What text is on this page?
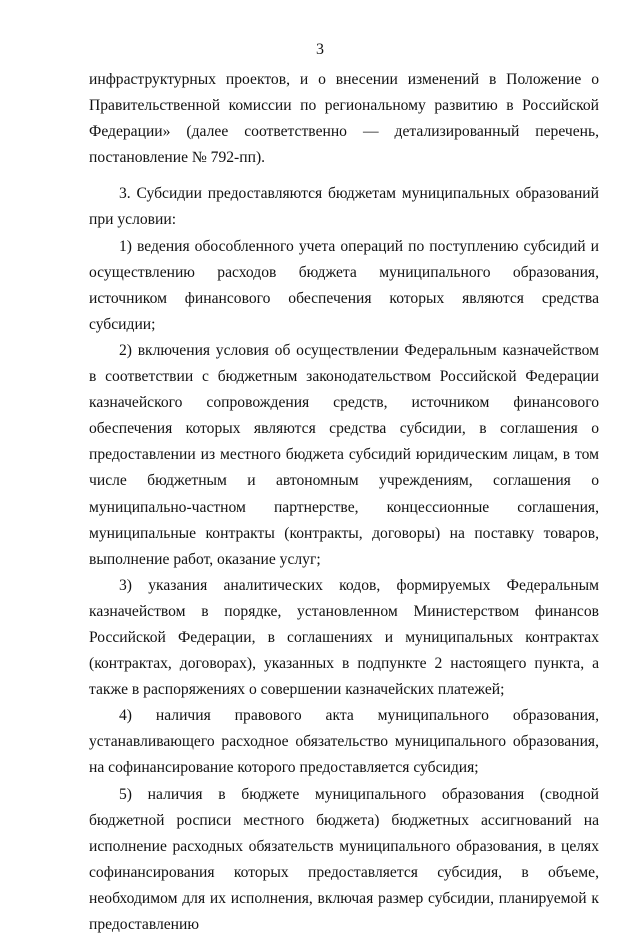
3

инфраструктурных проектов, и о внесении изменений в Положение о Правительственной комиссии по региональному развитию в Российской Федерации» (далее соответственно — детализированный перечень, постановление № 792-пп).

3. Субсидии предоставляются бюджетам муниципальных образований при условии:

1) ведения обособленного учета операций по поступлению субсидий и осуществлению расходов бюджета муниципального образования, источником финансового обеспечения которых являются средства субсидии;

2) включения условия об осуществлении Федеральным казначейством в соответствии с бюджетным законодательством Российской Федерации казначейского сопровождения средств, источником финансового обеспечения которых являются средства субсидии, в соглашения о предоставлении из местного бюджета субсидий юридическим лицам, в том числе бюджетным и автономным учреждениям, соглашения о муниципально-частном партнерстве, концессионные соглашения, муниципальные контракты (контракты, договоры) на поставку товаров, выполнение работ, оказание услуг;

3) указания аналитических кодов, формируемых Федеральным казначейством в порядке, установленном Министерством финансов Российской Федерации, в соглашениях и муниципальных контрактах (контрактах, договорах), указанных в подпункте 2 настоящего пункта, а также в распоряжениях о совершении казначейских платежей;

4) наличия правового акта муниципального образования, устанавливающего расходное обязательство муниципального образования, на софинансирование которого предоставляется субсидия;

5) наличия в бюджете муниципального образования (сводной бюджетной росписи местного бюджета) бюджетных ассигнований на исполнение расходных обязательств муниципального образования, в целях софинансирования которых предоставляется субсидия, в объеме, необходимом для их исполнения, включая размер субсидии, планируемой к предоставлению
